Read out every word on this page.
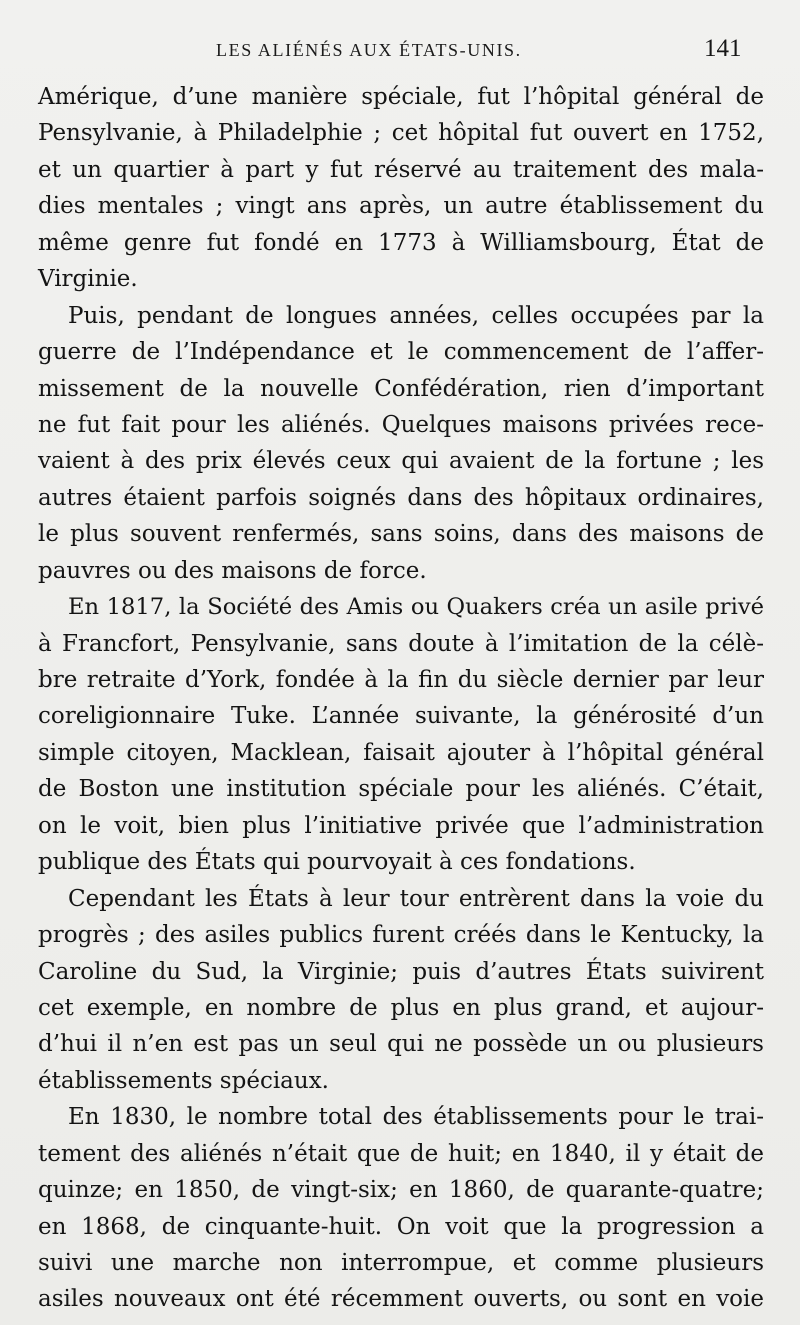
LES ALIÉNÉS AUX ÉTATS-UNIS.	141
Amérique, d’une manière spéciale, fut l’hôpital général de
Pensylvanie, à Philadelphie ; cet hôpital fut ouvert en 1752,
et un quartier à part y fut réservé au traitement des mala-
dies mentales ; vingt ans après, un autre établissement du
même genre fut fondé en 1773 à Williamsbourg, État de
Virginie.
Puis, pendant de longues années, celles occupées par la
guerre de l’Indépendance et le commencement de l’affer-
missement de la nouvelle Confédération, rien d’important
ne fut fait pour les aliénés. Quelques maisons privées rece-
vaient à des prix élevés ceux qui avaient de la fortune ; les
autres étaient parfois soignés dans des hôpitaux ordinaires,
le plus souvent renfermés, sans soins, dans des maisons de
pauvres ou des maisons de force.
En 1817, la Société des Amis ou Quakers créa un asile privé
à Francfort, Pensylvanie, sans doute à l’imitation de la célè-
bre retraite d’York, fondée à la fin du siècle dernier par leur
coreligionnaire Tuke. L’année suivante, la générosité d’un
simple citoyen, Macklean, faisait ajouter à l’hôpital général
de Boston une institution spéciale pour les aliénés. C’était,
on le voit, bien plus l’initiative privée que l’administration
publique des États qui pourvoyait à ces fondations.
Cependant les États à leur tour entrèrent dans la voie du
progrès ; des asiles publics furent créés dans le Kentucky, la
Caroline du Sud, la Virginie; puis d’autres États suivirent
cet exemple, en nombre de plus en plus grand, et aujour-
d’hui il n’en est pas un seul qui ne possède un ou plusieurs
établissements spéciaux.
En 1830, le nombre total des établissements pour le trai-
tement des aliénés n’était que de huit; en 1840, il y était de
quinze; en 1850, de vingt-six; en 1860, de quarante-quatre;
en 1868, de cinquante-huit. On voit que la progression a
suivi une marche non interrompue, et comme plusieurs
asiles nouveaux ont été récemment ouverts, ou sont en voie
